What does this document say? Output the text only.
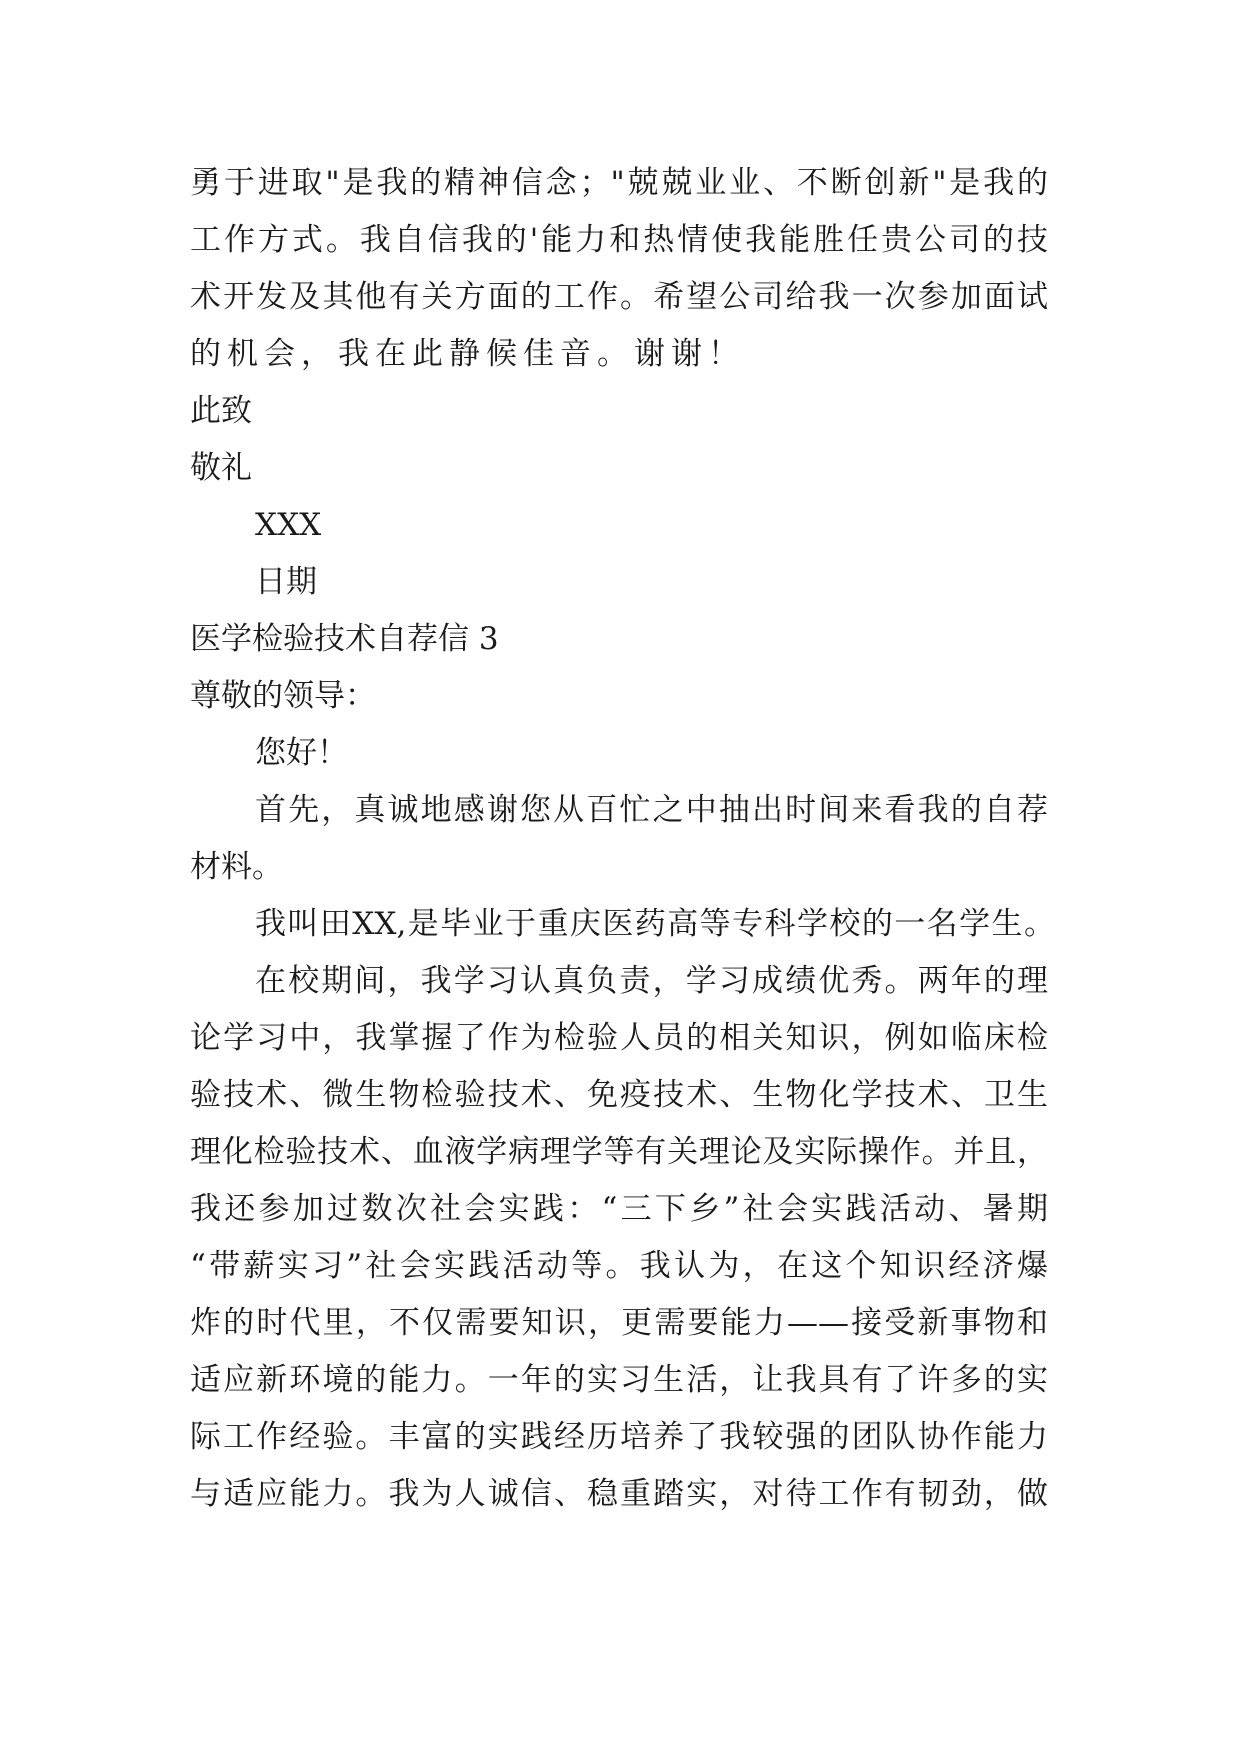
勇于进取"是我的精神信念；"兢兢业业、不断创新"是我的
工作方式。我自信我的'能力和热情使我能胜任贵公司的技
术开发及其他有关方面的工作。希望公司给我一次参加面试
的机会，我在此静候佳音。谢谢！
此致
敬礼
XXX
日期
医学检验技术自荐信 3
尊敬的领导：
您好！
首先，真诚地感谢您从百忙之中抽出时间来看我的自荐
材料。
我叫田XX,是毕业于重庆医药高等专科学校的一名学生。
在校期间，我学习认真负责，学习成绩优秀。两年的理
论学习中，我掌握了作为检验人员的相关知识，例如临床检
验技术、微生物检验技术、免疫技术、生物化学技术、卫生
理化检验技术、血液学病理学等有关理论及实际操作。并且，
我还参加过数次社会实践：“三下乡”社会实践活动、暑期
“带薪实习”社会实践活动等。我认为，在这个知识经济爆
炸的时代里，不仅需要知识，更需要能力——接受新事物和
适应新环境的能力。一年的实习生活，让我具有了许多的实
际工作经验。丰富的实践经历培养了我较强的团队协作能力
与适应能力。我为人诚信、稳重踏实，对待工作有韧劲，做
